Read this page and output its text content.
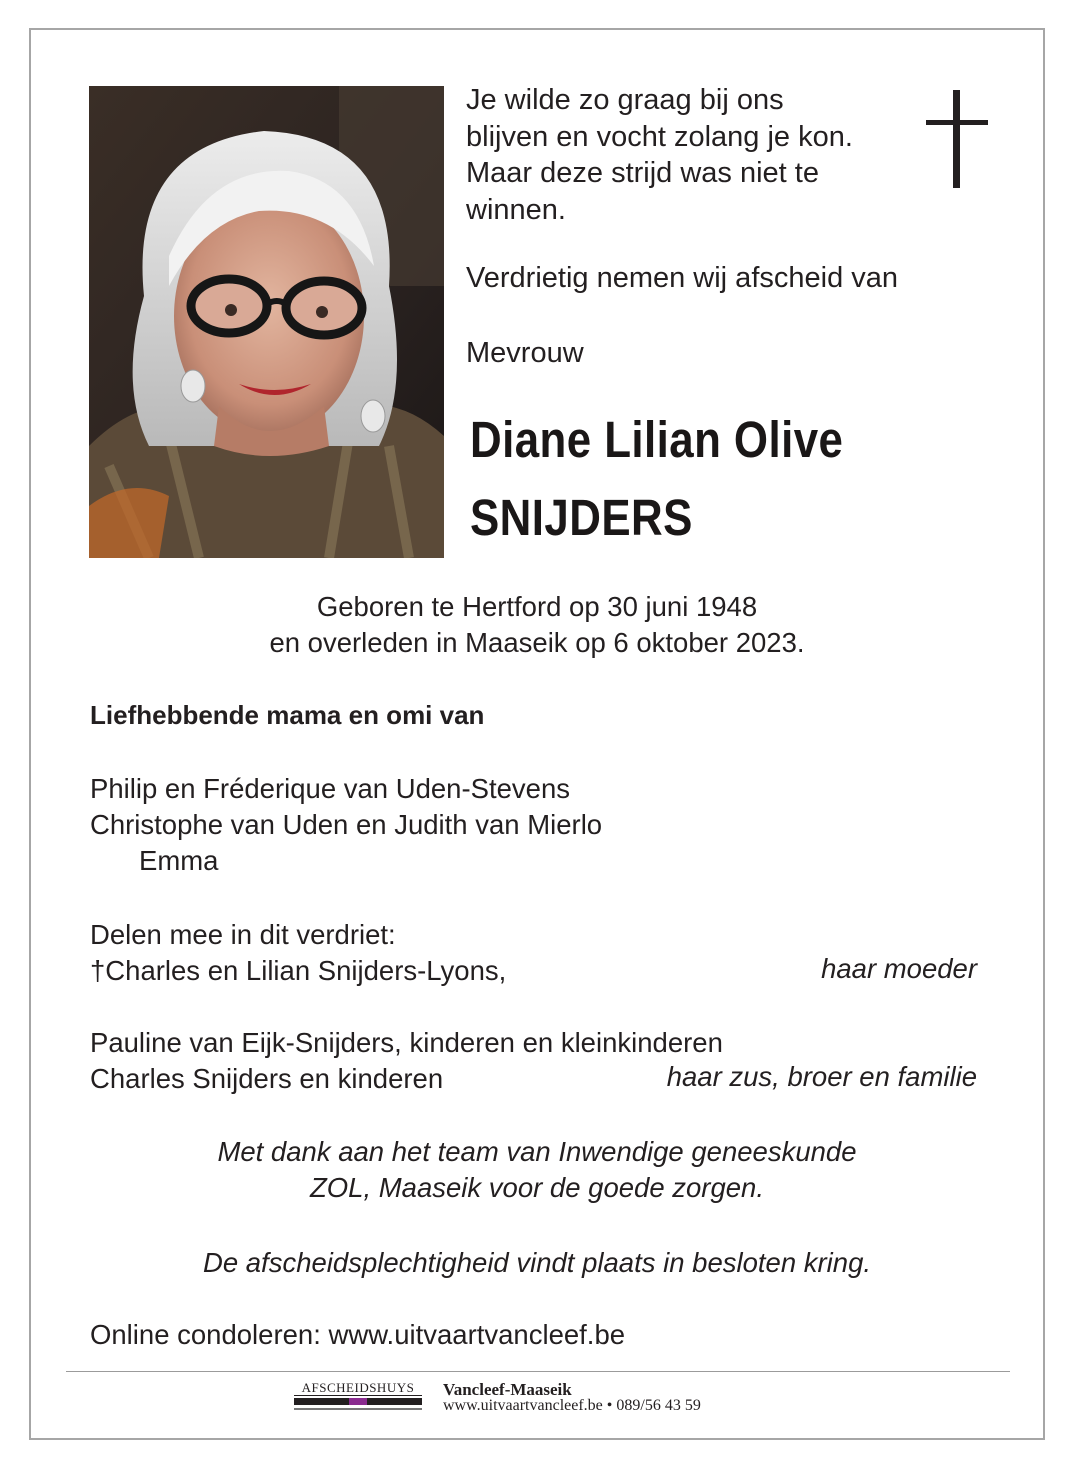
Je wilde zo graag bij ons
blijven en vocht zolang je kon.
Maar deze strijd was niet te
winnen.
Verdrietig nemen wij afscheid van
Mevrouw
Diane Lilian Olive
SNIJDERS
Geboren te Hertford op 30 juni 1948
en overleden in Maaseik op 6 oktober 2023.
Liefhebbende mama en omi van
Philip en Fréderique van Uden-Stevens
Christophe van Uden en Judith van Mierlo
Emma
Delen mee in dit verdriet:
†Charles en Lilian Snijders-Lyons,	haar moeder
Pauline van Eijk-Snijders, kinderen en kleinkinderen
Charles Snijders en kinderen	haar zus, broer en familie
Met dank aan het team van Inwendige geneeskunde
ZOL, Maaseik voor de goede zorgen.
De afscheidsplechtigheid vindt plaats in besloten kring.
Online condoleren: www.uitvaartvancleef.be
AFSCHEIDSHUYS	Vancleef-Maaseik
www.uitvaartvancleef.be • 089/56 43 59
